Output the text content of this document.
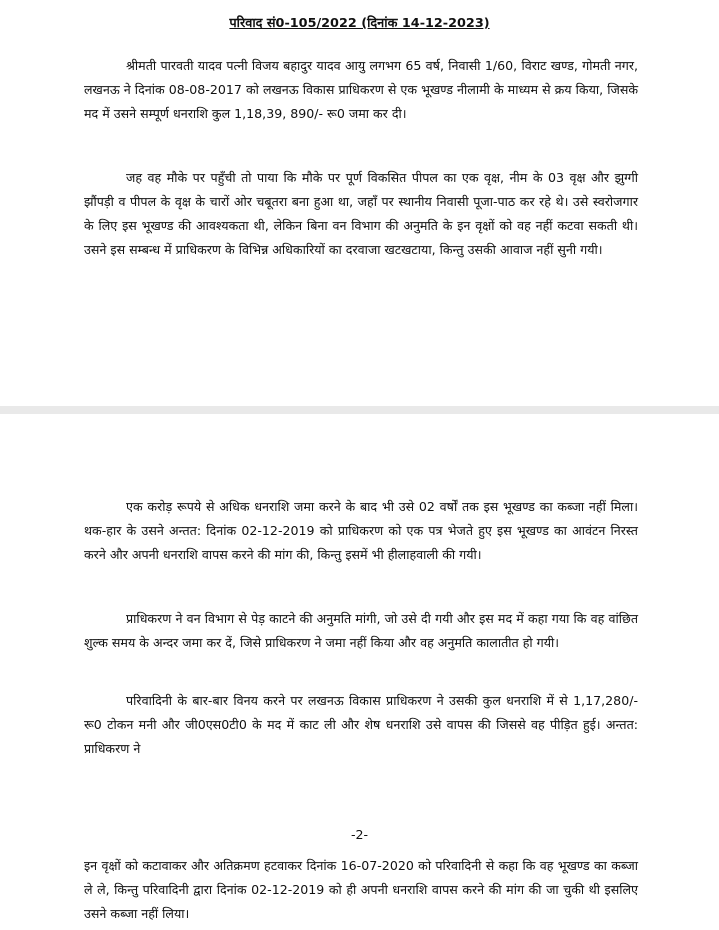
परिवाद सं0-105/2022 (दिनांक 14-12-2023)

श्रीमती पारवती यादव पत्नी विजय बहादुर यादव आयु लगभग 65 वर्ष, निवासी 1/60, विराट खण्ड, गोमती नगर, लखनऊ ने दिनांक 08-08-2017 को लखनऊ विकास प्राधिकरण से एक भूखण्ड नीलामी के माध्यम से क्रय किया, जिसके मद में उसने सम्पूर्ण धनराशि कुल 1,18,39, 890/- रू0 जमा कर दी।

जह वह मौके पर पहुँची तो पाया कि मौके पर पूर्ण विकसित पीपल का एक वृक्ष, नीम के 03 वृक्ष और झुग्गी झौंपड़ी व पीपल के वृक्ष के चारों ओर चबूतरा बना हुआ था, जहाँ पर स्थानीय निवासी पूजा-पाठ कर रहे थे। उसे स्वरोजगार के लिए इस भूखण्ड की आवश्यकता थी, लेकिन बिना वन विभाग की अनुमति के इन वृक्षों को वह नहीं कटवा सकती थी। उसने इस सम्बन्ध में प्राधिकरण के विभिन्न अधिकारियों का दरवाजा खटखटाया, किन्तु उसकी आवाज नहीं सुनी गयी।

एक करोड़ रूपये से अधिक धनराशि जमा करने के बाद भी उसे 02 वर्षों तक इस भूखण्ड का कब्जा नहीं मिला। थक-हार के उसने अन्तत: दिनांक 02-12-2019 को प्राधिकरण को एक पत्र भेजते हुए इस भूखण्ड का आवंटन निरस्त करने और अपनी धनराशि वापस करने की मांग की, किन्तु इसमें भी हीलाहवाली की गयी।

प्राधिकरण ने वन विभाग से पेड़ काटने की अनुमति मांगी, जो उसे दी गयी और इस मद में कहा गया कि वह वांछित शुल्क समय के अन्दर जमा कर दें, जिसे प्राधिकरण ने जमा नहीं किया और वह अनुमति कालातीत हो गयी।

परिवादिनी के बार-बार विनय करने पर लखनऊ विकास प्राधिकरण ने उसकी कुल धनराशि में से 1,17,280/- रू0 टोकन मनी और जी0एस0टी0 के मद में काट ली और शेष धनराशि उसे वापस की जिससे वह पीड़ित हुई। अन्तत: प्राधिकरण ने

-2-

इन वृक्षों को कटावाकर और अतिक्रमण हटवाकर दिनांक 16-07-2020 को परिवादिनी से कहा कि वह भूखण्ड का कब्जा ले ले, किन्तु परिवादिनी द्वारा दिनांक 02-12-2019 को ही अपनी धनराशि वापस करने की मांग की जा चुकी थी इसलिए उसने कब्जा नहीं लिया।
